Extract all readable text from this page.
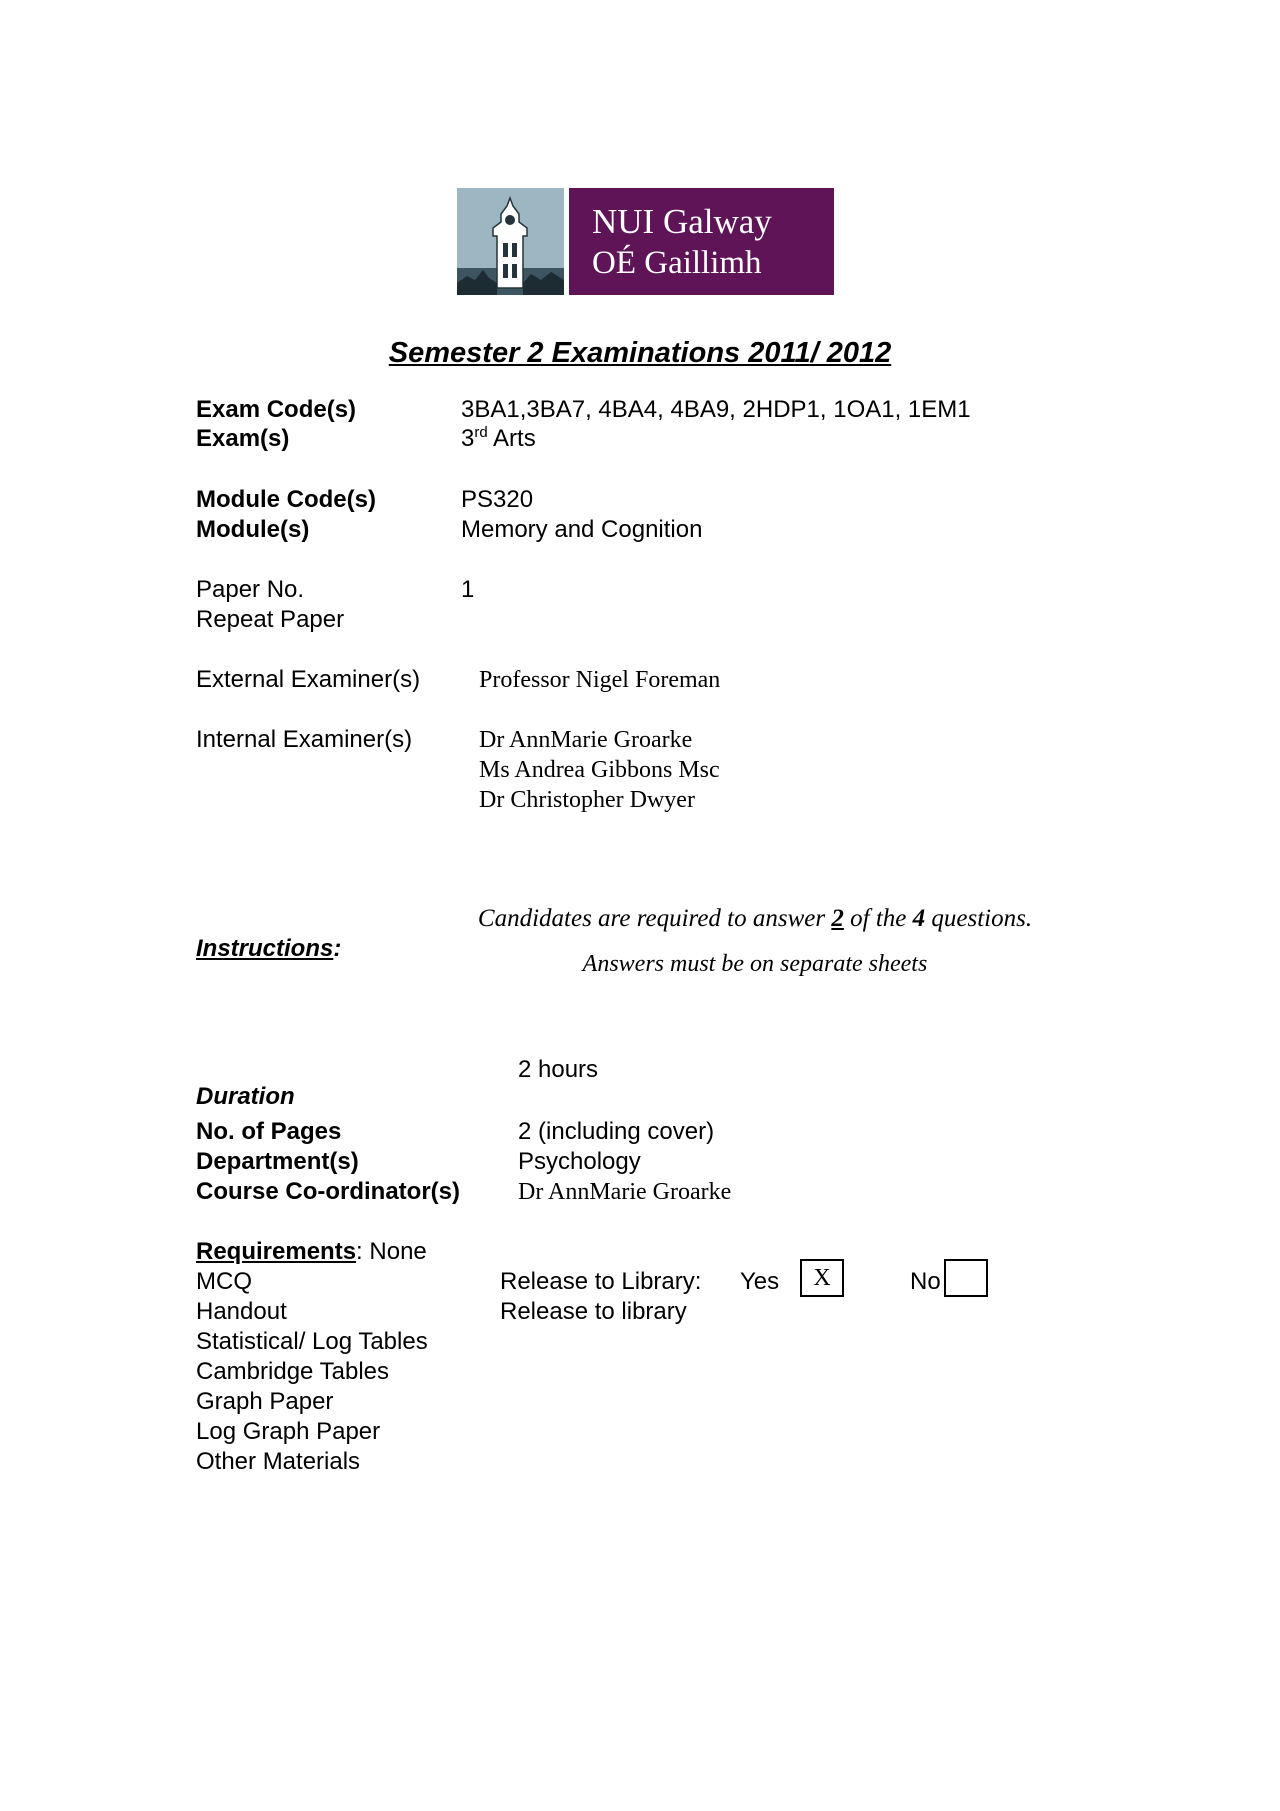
NUI Galway
OÉ Gaillimh
Semester 2 Examinations 2011/ 2012
Exam Code(s)	3BA1,3BA7, 4BA4, 4BA9, 2HDP1, 1OA1, 1EM1
Exam(s)	3rd Arts
Module Code(s)	PS320
Module(s)	Memory and Cognition
Paper No.	1
Repeat Paper
External Examiner(s) Professor Nigel Foreman
Internal Examiner(s)	Dr AnnMarie Groarke
Ms Andrea Gibbons Msc
Dr Christopher Dwyer
Candidates are required to answer 2 of the 4 questions.
Instructions:
Answers must be on separate sheets
2 hours
Duration
No. of Pages	2 (including cover)
Department(s)	Psychology
Course Co-ordinator(s) Dr AnnMarie Groarke
Requirements: None
MCQ
Handout
Statistical/ Log Tables
Cambridge Tables
Graph Paper
Log Graph Paper
Other Materials
Release to Library: Yes	X	No
Release to library
